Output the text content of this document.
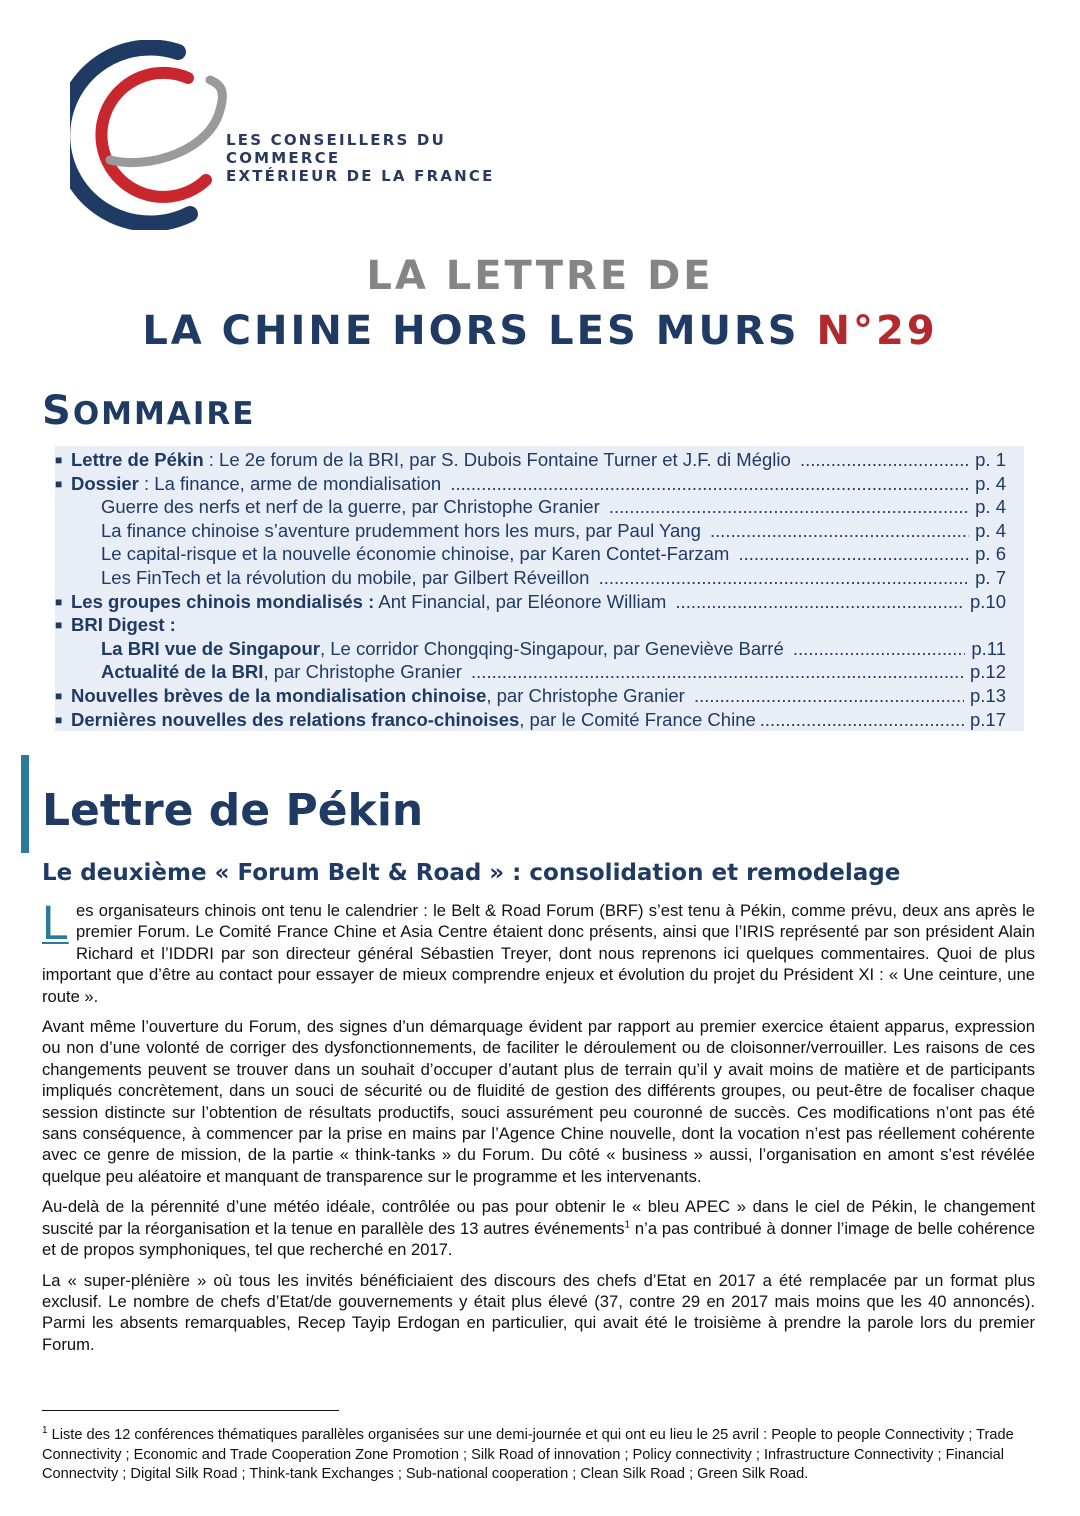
LES CONSEILLERS DU COMMERCE
EXTÉRIEUR DE LA FRANCE
LA LETTRE DE
LA CHINE HORS LES MURS N°29
SOMMAIRE
■ Lettre de Pékin : Le 2e forum de la BRI, par S. Dubois Fontaine Turner et J.F. di Méglio .....	p. 1
■ Dossier : La finance, arme de mondialisation .....	p. 4
Guerre des nerfs et nerf de la guerre, par Christophe Granier .....	p. 4
La finance chinoise s’aventure prudemment hors les murs, par Paul Yang .....	p. 4
Le capital-risque et la nouvelle économie chinoise, par Karen Contet-Farzam .....	p. 6
Les FinTech et la révolution du mobile, par Gilbert Réveillon .....	p. 7
■ Les groupes chinois mondialisés : Ant Financial, par Eléonore William .....	p.10
■ BRI Digest :
La BRI vue de Singapour , Le corridor Chongqing-Singapour, par Geneviève Barré .....	p.11
Actualité de la BRI , par Christophe Granier .....	p.12
■ Nouvelles brèves de la mondialisation chinoise , par Christophe Granier .....	p.13
■ Dernières nouvelles des relations franco-chinoises , par le Comité France Chine .....	p.17
Lettre de Pékin
Le deuxième « Forum Belt & Road » : consolidation et remodelage

Les organisateurs chinois ont tenu le calendrier : le Belt & Road Forum (BRF) s’est tenu à Pékin, comme prévu, deux ans après le premier Forum. Le Comité France Chine et Asia Centre étaient donc présents, ainsi que l’IRIS représenté par son président Alain Richard et l’IDDRI par son directeur général Sébastien Treyer, dont nous reprenons ici quelques commentaires. Quoi de plus important que d’être au contact pour essayer de mieux comprendre enjeux et évolution du projet du Président XI : « Une ceinture, une route ».

Avant même l’ouverture du Forum, des signes d’un démarquage évident par rapport au premier exercice étaient apparus, expression ou non d’une volonté de corriger des dysfonctionnements, de faciliter le déroulement ou de cloisonner/verrouiller. Les raisons de ces changements peuvent se trouver dans un souhait d’occuper d’autant plus de terrain qu’il y avait moins de matière et de participants impliqués concrètement, dans un souci de sécurité ou de fluidité de gestion des différents groupes, ou peut-être de focaliser chaque session distincte sur l’obtention de résultats productifs, souci assurément peu couronné de succès. Ces modifications n’ont pas été sans conséquence, à commencer par la prise en mains par l’Agence Chine nouvelle, dont la vocation n’est pas réellement cohérente avec ce genre de mission, de la partie « think-tanks » du Forum. Du côté « business » aussi, l’organisation en amont s’est révélée quelque peu aléatoire et manquant de transparence sur le programme et les intervenants.

Au-delà de la pérennité d’une météo idéale, contrôlée ou pas pour obtenir le « bleu APEC » dans le ciel de Pékin, le changement suscité par la réorganisation et la tenue en parallèle des 13 autres événements$^1$ n’a pas contribué à donner l’image de belle cohérence et de propos symphoniques, tel que recherché en 2017.

La « super-plénière » où tous les invités bénéficiaient des discours des chefs d’Etat en 2017 a été remplacée par un format plus exclusif. Le nombre de chefs d’Etat/de gouvernements y était plus élevé (37, contre 29 en 2017 mais moins que les 40 annoncés). Parmi les absents remarquables, Recep Tayip Erdogan en particulier, qui avait été le troisième à prendre la parole lors du premier Forum.

$^1$ Liste des 12 conférences thématiques parallèles organisées sur une demi-journée et qui ont eu lieu le 25 avril : People to people Connectivity ; Trade Connectivity ; Economic and Trade Cooperation Zone Promotion ; Silk Road of innovation ; Policy connectivity ; Infrastructure Connectivity ; Financial Connectvity ; Digital Silk Road ; Think-tank Exchanges ; Sub-national cooperation ; Clean Silk Road ; Green Silk Road.
